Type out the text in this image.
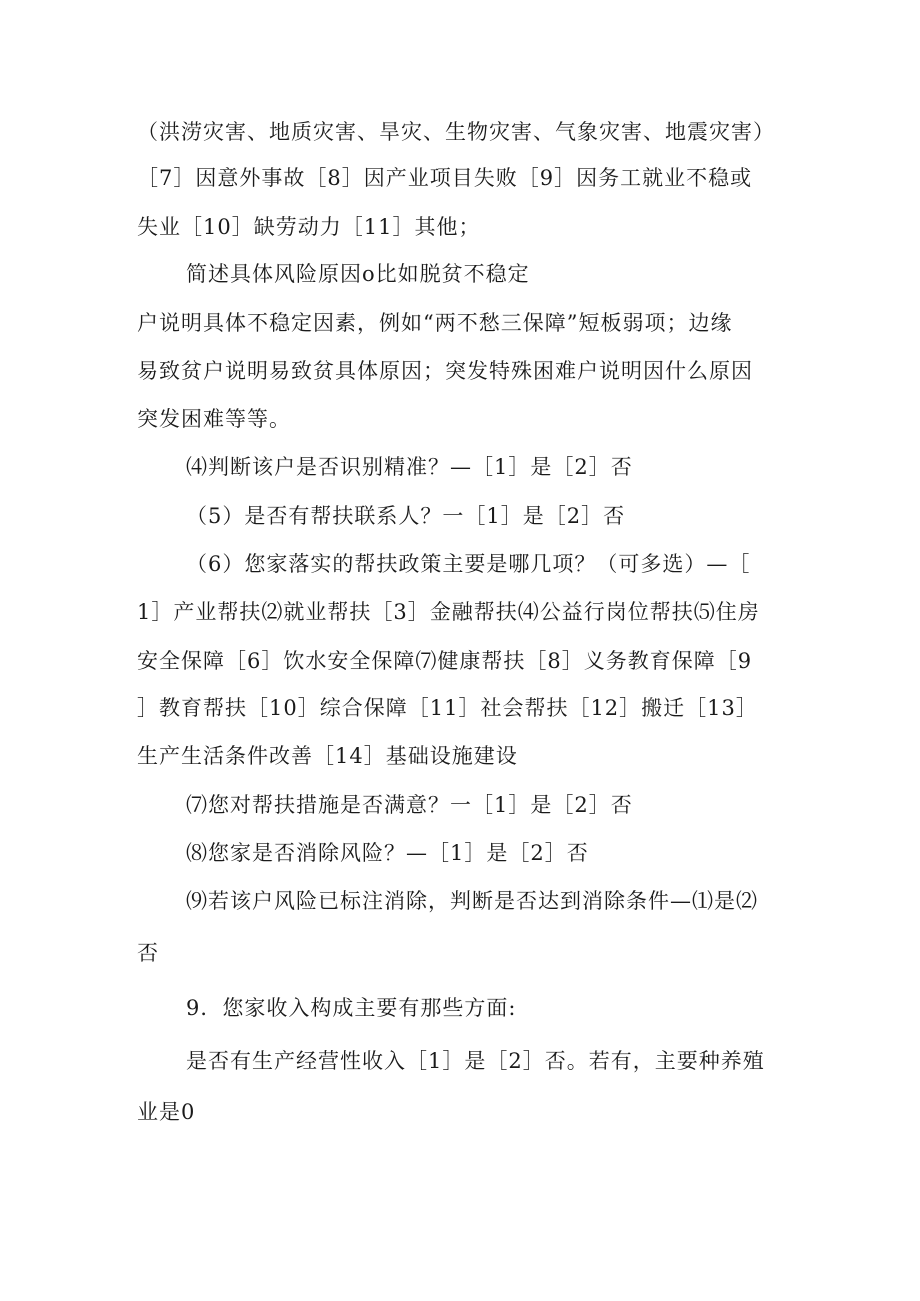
（洪涝灾害、地质灾害、旱灾、生物灾害、气象灾害、地震灾害）
［7］因意外事故［8］因产业项目失败［9］因务工就业不稳或
失业［10］缺劳动力［11］其他；
简述具体风险原因o比如脱贫不稳定
户说明具体不稳定因素，例如“两不愁三保障”短板弱项；边缘
易致贫户说明易致贫具体原因；突发特殊困难户说明因什么原因
突发困难等等。
⑷判断该户是否识别精准？—［1］是［2］否
（5）是否有帮扶联系人？一［1］是［2］否
（6）您家落实的帮扶政策主要是哪几项？（可多选）—［
1］产业帮扶⑵就业帮扶［3］金融帮扶⑷公益行岗位帮扶⑸住房
安全保障［6］饮水安全保障⑺健康帮扶［8］义务教育保障［9
］教育帮扶［10］综合保障［11］社会帮扶［12］搬迁［13］
生产生活条件改善［14］基础设施建设
⑺您对帮扶措施是否满意？一［1］是［2］否
⑻您家是否消除风险？—［1］是［2］否
⑼若该户风险已标注消除，判断是否达到消除条件—⑴是⑵
否
9．您家收入构成主要有那些方面:
是否有生产经营性收入［1］是［2］否。若有，主要种养殖
业是0
